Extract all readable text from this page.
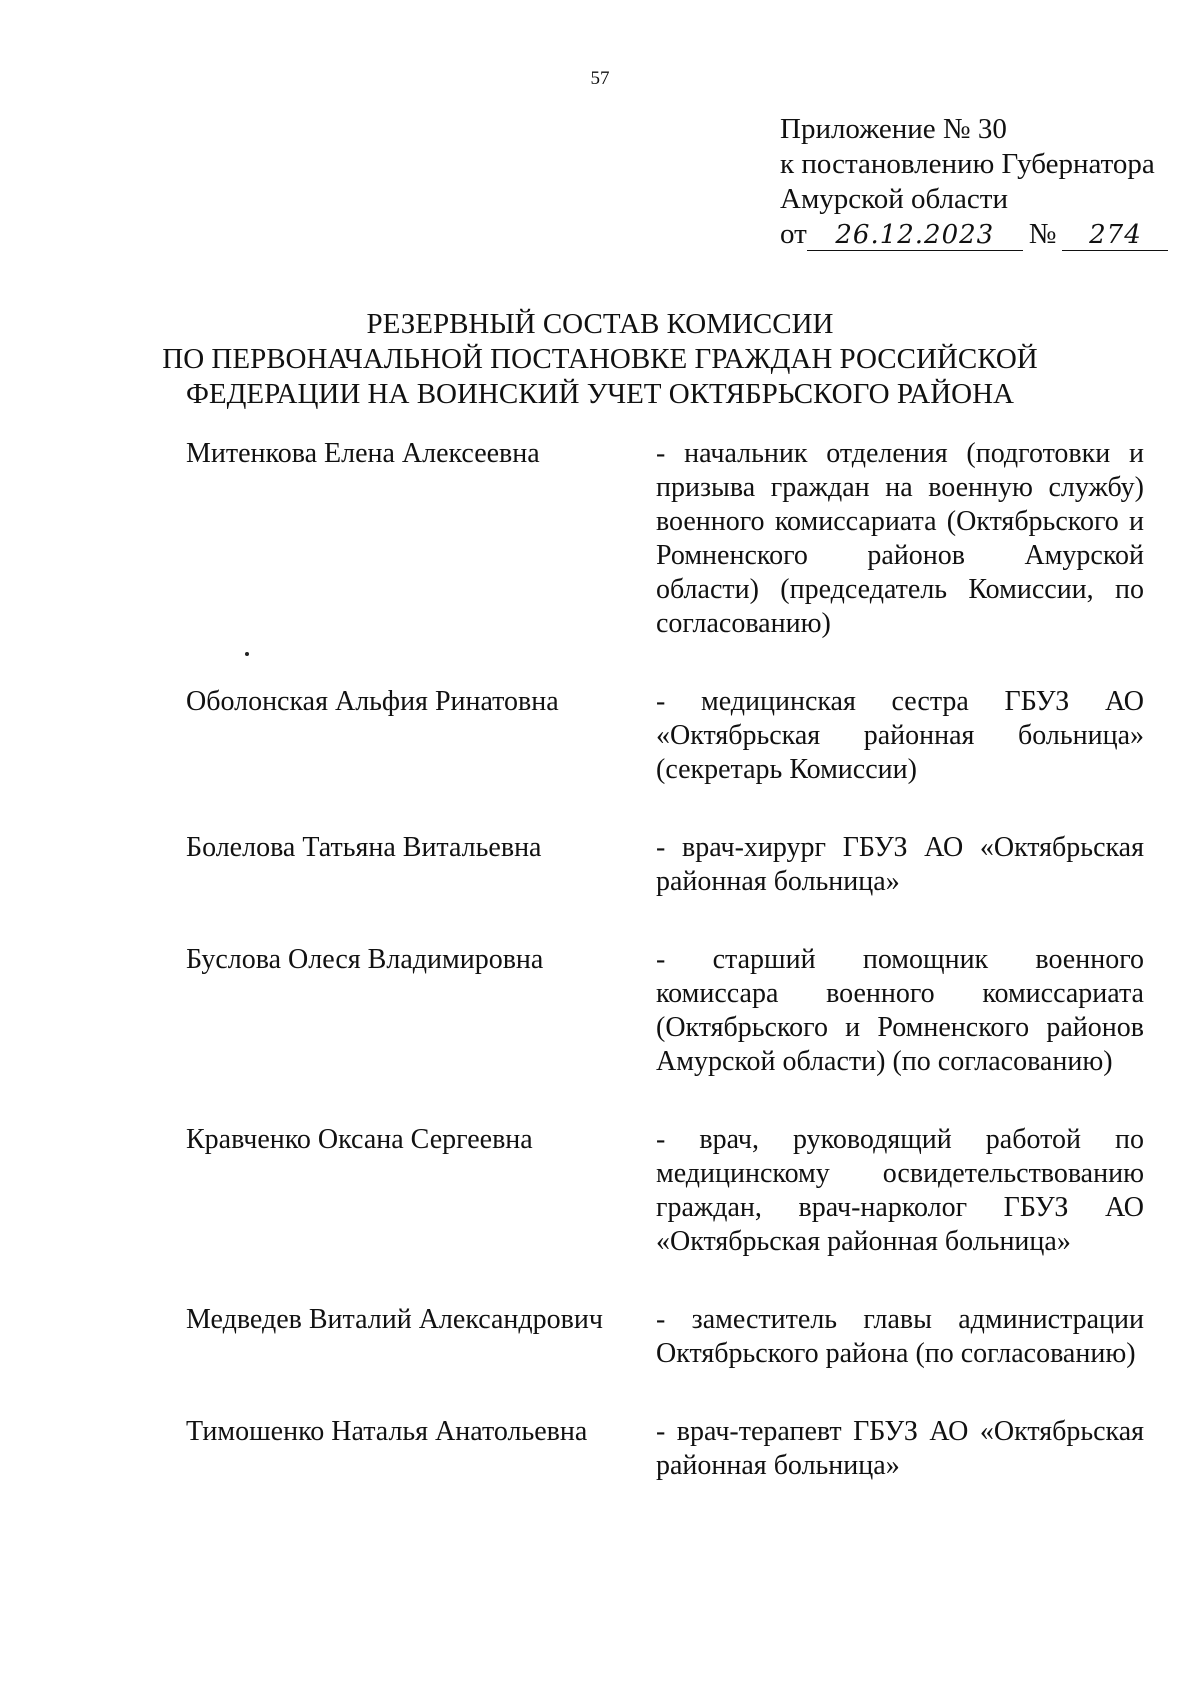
57
Приложение № 30
к постановлению Губернатора
Амурской области
от	26.12.2023	№	274
РЕЗЕРВНЫЙ СОСТАВ КОМИССИИ
ПО ПЕРВОНАЧАЛЬНОЙ ПОСТАНОВКЕ ГРАЖДАН РОССИЙСКОЙ
ФЕДЕРАЦИИ НА ВОИНСКИЙ УЧЕТ ОКТЯБРЬСКОГО РАЙОНА
Митенкова Елена Алексеевна	- начальник отделения (подготовки и призыва граждан на военную службу) военного комиссариата (Октябрьского и Ромненского районов Амурской области) (председатель Комиссии, по согласованию)
Оболонская Альфия Ринатовна	- медицинская сестра ГБУЗ АО «Октябрьская районная больница» (секретарь Комиссии)
Болелова Татьяна Витальевна	- врач-хирург ГБУЗ АО «Октябрьская районная больница»
Буслова Олеся Владимировна	- старший помощник военного комиссара военного комиссариата (Октябрьского и Ромненского районов Амурской области) (по согласованию)
Кравченко Оксана Сергеевна	- врач, руководящий работой по медицинскому освидетельствованию граждан, врач-нарколог ГБУЗ АО «Октябрьская районная больница»
Медведев Виталий Александрович	- заместитель главы администрации Октябрьского района (по согласованию)
Тимошенко Наталья Анатольевна	- врач-терапевт ГБУЗ АО «Октябрьская районная больница»
